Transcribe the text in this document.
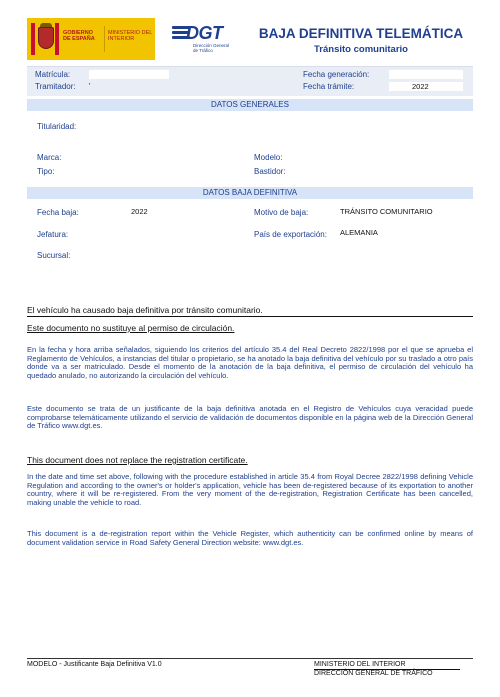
GOBIERNO DE ESPAÑA
MINISTERIO DEL INTERIOR	DGT
Dirección General de Tráfico
BAJA DEFINITIVA TELEMÁTICA
Tránsito comunitario
Matrícula:
Tramitador: '
Fecha generación:
Fecha trámite:	2022
DATOS GENERALES
Titularidad:
Marca:	Modelo:
Tipo:	Bastidor:
DATOS BAJA DEFINITIVA
Fecha baja:	2022	Motivo de baja:	TRÁNSITO COMUNITARIO
Jefatura:	País de exportación: ALEMANIA
Sucursal:
El vehículo ha causado baja definitiva por tránsito comunitario.
Este documento no sustituye al permiso de circulación.
En la fecha y hora arriba señalados, siguiendo los criterios del artículo 35.4 del Real Decreto 2822/1998 por el que se aprueba el Reglamento de Vehículos, a instancias del titular o propietario, se ha anotado la baja definitiva del vehículo por su traslado a otro país donde va a ser matriculado. Desde el momento de la anotación de la baja definitiva, el permiso de circulación del vehículo ha quedado anulado, no autorizando la circulación del vehículo.
Este documento se trata de un justificante de la baja definitiva anotada en el Registro de Vehículos cuya veracidad puede comprobarse telemáticamente utilizando el servicio de validación de documentos disponible en la página web de la Dirección General de Tráfico www.dgt.es.
This document does not replace the registration certificate.
In the date and time set above, following with the procedure established in article 35.4 from Royal Decree 2822/1998 defining Vehicle Regulation and according to the owner's or holder's application, vehicle has been de-registered because of its exportation to another country, where it will be re-registered. From the very moment of the de-registration, Registration Certificate has been cancelled, making unable the vehicle to road.
This document is a de-registration report within the Vehicle Register, which authenticity can be confirmed online by means of document validation service in Road Safety General Direction website: www.dgt.es.
MODELO - Justificante Baja Definitiva V1.0	MINISTERIO DEL INTERIOR
DIRECCIÓN GENERAL DE TRÁFICO
